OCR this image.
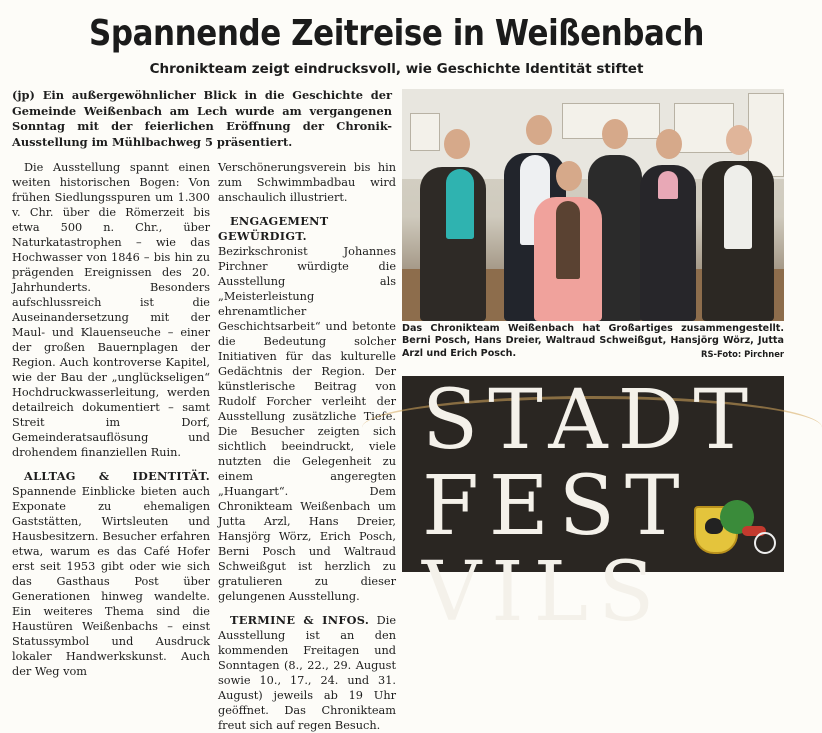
Spannende Zeitreise in Weißenbach
Chronikteam zeigt eindrucksvoll, wie Geschichte Identität stiftet
(jp) Ein außergewöhnlicher Blick in die Geschichte der Gemeinde Weißenbach am Lech wurde am vergangenen Sonntag mit der feierlichen Eröffnung der Chronik-Ausstellung im Mühlbachweg 5 präsentiert.

Die Ausstellung spannt einen weiten historischen Bogen: Von frühen Siedlungsspuren um 1.300 v. Chr. über die Römerzeit bis etwa 500 n. Chr., über Naturkatastrophen – wie das Hochwasser von 1846 – bis hin zu prägenden Ereignissen des 20. Jahrhunderts. Besonders aufschlussreich ist die Auseinandersetzung mit der Maul- und Klauenseuche – einer der großen Bauernplagen der Region. Auch kontroverse Kapitel, wie der Bau der „unglückseligen“ Hochdruckwasserleitung, werden detailreich dokumentiert – samt Streit im Dorf, Gemeinderatsauflösung und drohendem finanziellen Ruin.

ALLTAG & IDENTITÄT. Spannende Einblicke bieten auch Exponate zu ehemaligen Gaststätten, Wirtsleuten und Hausbesitzern. Besucher erfahren etwa, warum es das Café Hofer erst seit 1953 gibt oder wie sich das Gasthaus Post über Generationen hinweg wandelte. Ein weiteres Thema sind die Haustüren Weißenbachs – einst Statussymbol und Ausdruck lokaler Handwerkskunst. Auch der Weg vom

Verschönerungsverein bis hin zum Schwimmbadbau wird anschaulich illustriert.

ENGAGEMENT GEWÜRDIGT. Bezirkschronist Johannes Pirchner würdigte die Ausstellung als „Meisterleistung ehrenamtlicher Geschichtsarbeit“ und betonte die Bedeutung solcher Initiativen für das kulturelle Gedächtnis der Region. Der künstlerische Beitrag von Rudolf Forcher verleiht der Ausstellung zusätzliche Tiefe. Die Besucher zeigten sich sichtlich beeindruckt, viele nutzten die Gelegenheit zu einem angeregten „Huangart“. Dem Chronikteam Weißenbach um Jutta Arzl, Hans Dreier, Hansjörg Wörz, Erich Posch, Berni Posch und Waltraud Schweißgut ist herzlich zu gratulieren zu dieser gelungenen Ausstellung.

TERMINE & INFOS. Die Ausstellung ist an den kommenden Freitagen und Sonntagen (8., 22., 29. August sowie 10., 17., 24. und 31. August) jeweils ab 19 Uhr geöffnet. Das Chronikteam freut sich auf regen Besuch.

Das Chronikteam Weißenbach hat Großartiges zusammengestellt. Berni Posch, Hans Dreier, Waltraud Schweißgut, Hansjörg Wörz, Jutta Arzl und Erich Posch.	RS-Foto: Pirchner
STADT
FEST
VILS
